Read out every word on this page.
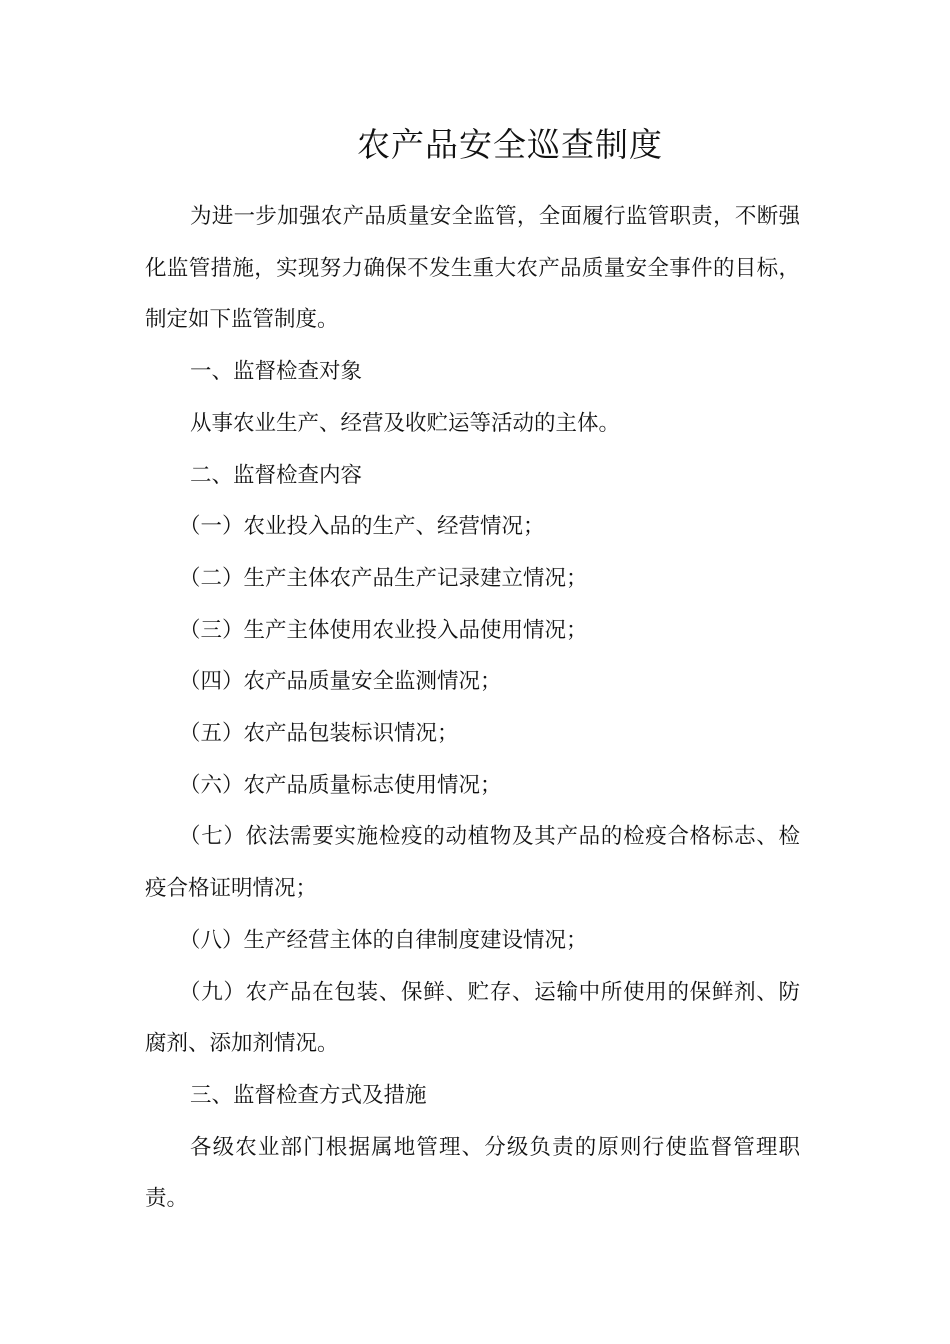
农产品安全巡查制度

为进一步加强农产品质量安全监管，全面履行监管职责，不断强化监管措施，实现努力确保不发生重大农产品质量安全事件的目标，制定如下监管制度。

一、监督检查对象

从事农业生产、经营及收贮运等活动的主体。

二、监督检查内容

（一）农业投入品的生产、经营情况；

（二）生产主体农产品生产记录建立情况；

（三）生产主体使用农业投入品使用情况；

（四）农产品质量安全监测情况；

（五）农产品包装标识情况；

（六）农产品质量标志使用情况；

（七）依法需要实施检疫的动植物及其产品的检疫合格标志、检疫合格证明情况；

（八）生产经营主体的自律制度建设情况；

（九）农产品在包装、保鲜、贮存、运输中所使用的保鲜剂、防腐剂、添加剂情况。

三、监督检查方式及措施

各级农业部门根据属地管理、分级负责的原则行使监督管理职责。
